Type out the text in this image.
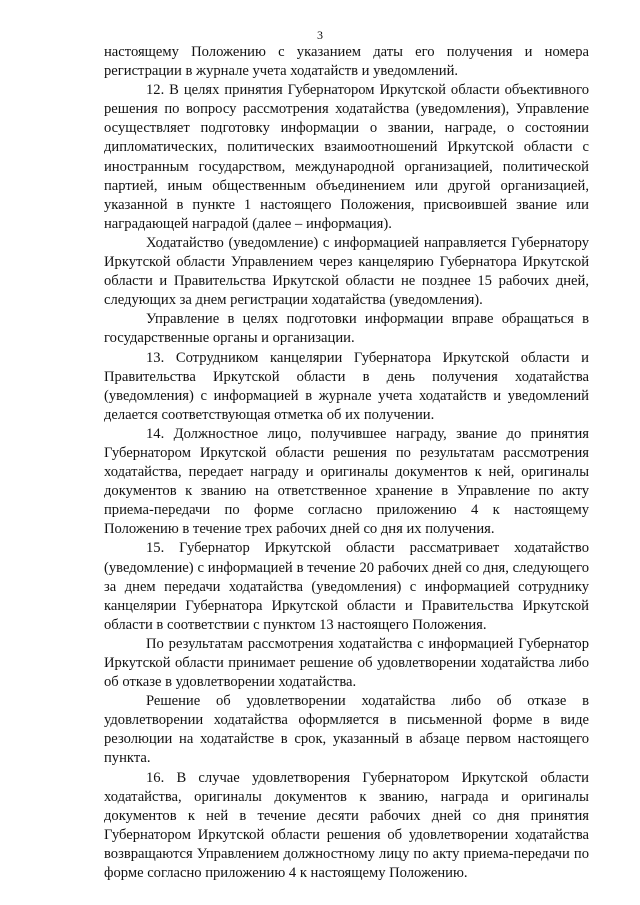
3

настоящему Положению с указанием даты его получения и номера регистрации в журнале учета ходатайств и уведомлений.

12. В целях принятия Губернатором Иркутской области объективного решения по вопросу рассмотрения ходатайства (уведомления), Управление осуществляет подготовку информации о звании, награде, о состоянии дипломатических, политических взаимоотношений Иркутской области с иностранным государством, международной организацией, политической партией, иным общественным объединением или другой организацией, указанной в пункте 1 настоящего Положения, присвоившей звание или наградающей наградой (далее – информация).

Ходатайство (уведомление) с информацией направляется Губернатору Иркутской области Управлением через канцелярию Губернатора Иркутской области и Правительства Иркутской области не позднее 15 рабочих дней, следующих за днем регистрации ходатайства (уведомления).

Управление в целях подготовки информации вправе обращаться в государственные органы и организации.

13. Сотрудником канцелярии Губернатора Иркутской области и Правительства Иркутской области в день получения ходатайства (уведомления) с информацией в журнале учета ходатайств и уведомлений делается соответствующая отметка об их получении.

14. Должностное лицо, получившее награду, звание до принятия Губернатором Иркутской области решения по результатам рассмотрения ходатайства, передает награду и оригиналы документов к ней, оригиналы документов к званию на ответственное хранение в Управление по акту приема-передачи по форме согласно приложению 4 к настоящему Положению в течение трех рабочих дней со дня их получения.

15. Губернатор Иркутской области рассматривает ходатайство (уведомление) с информацией в течение 20 рабочих дней со дня, следующего за днем передачи ходатайства (уведомления) с информацией сотруднику канцелярии Губернатора Иркутской области и Правительства Иркутской области в соответствии с пунктом 13 настоящего Положения.

По результатам рассмотрения ходатайства с информацией Губернатор Иркутской области принимает решение об удовлетворении ходатайства либо об отказе в удовлетворении ходатайства.

Решение об удовлетворении ходатайства либо об отказе в удовлетворении ходатайства оформляется в письменной форме в виде резолюции на ходатайстве в срок, указанный в абзаце первом настоящего пункта.

16. В случае удовлетворения Губернатором Иркутской области ходатайства, оригиналы документов к званию, награда и оригиналы документов к ней в течение десяти рабочих дней со дня принятия Губернатором Иркутской области решения об удовлетворении ходатайства возвращаются Управлением должностному лицу по акту приема-передачи по форме согласно приложению 4 к настоящему Положению.
